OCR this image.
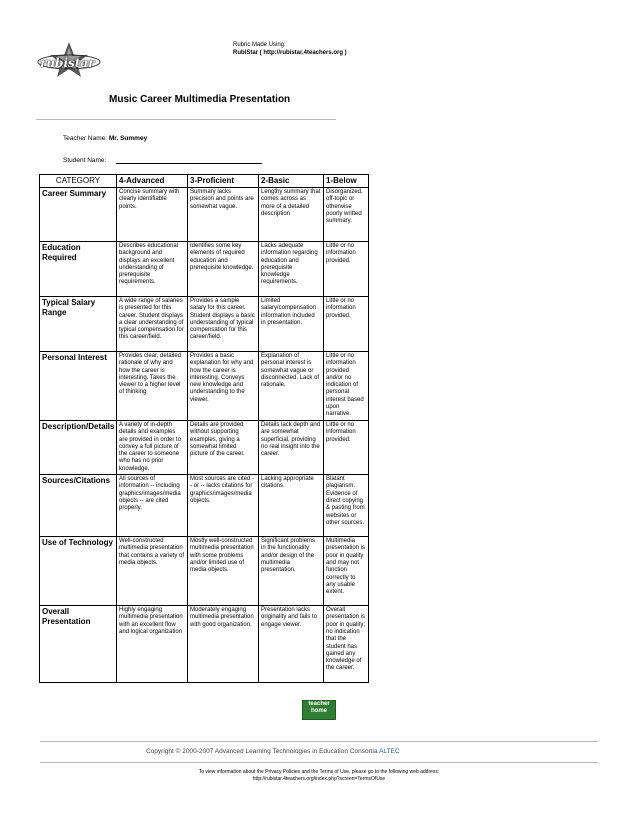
rubistar
Rubric Made Using:
RubiStar ( http://rubistar.4teachers.org )
Music Career Multimedia Presentation
Teacher Name: Mr. Summey
Student Name:
CATEGORY	4-Advanced	3-Proficient	2-Basic	1-Below
Career Summary	Concise summary with clearly identifiable points.	Summary lacks precision and points are somewhat vague.	Lengthy summary that comes across as more of a detailed description	Disorganized, off-topic or otherwise poorly writted summary.
Education Required	Describes educational background and displays an excellent understanding of prerequisite requirements.	Identifies some key elements of required education and prerequisite knowledge.	Lacks adequate information regarding education and prerequisite knowledge requirements.	Little or no information provided.
Typical Salary Range	A wide range of salaries is presented for this career. Student displays a clear understanding of typical compensation for this career/field.	Provides a sample salary for this career. Student displays a basic understanding of typical compensation for this career/field.	Limited salary/compensation information included in presentation.	Little or no information provided.
Personal Interest	Provides clear, detailed rationale of why and how the career is interesting. Takes the viewer to a higher level of thinking	Provides a basic explanation for why and how the career is interesting. Conveys new knowledge and understanding to the viewer.	Explanation of personal interest is somewhat vague or disconnected. Lack of rationale.	Little or no information provided and/or no indication of personal interest based upon narrative.
Description/Details	A variety of in-depth details and examples are provided in order to convey a full picture of the career to someone who has no prior knowledge.	Details are provided without supporting examples, giving a somewhat limited picture of the career.	Details lack depth and are somewhat superficial, providing no real insight into the career.	Little or no information provided.
Sources/Citations	All sources of information -- including graphics/images/media objects -- are cited properly.	Most sources are cited -- or -- lacks citations for graphics/images/media objects.	Lacking appropriate citations.	Blatant plagiarism. Evidence of direct copying & pasting from websites or other sources.
Use of Technology	Well-constructed multimedia presentation that contains a variety of media objects.	Mostly well-constructed multimedia presentation with some problems and/or limited use of media objects.	Significant problems in the functionality and/or design of the multimedia presentation.	Multimedia presentation is poor in quality and may not function correctly to any usable extent.
Overall Presentation	Highly engaging multimedia presentation with an excellent flow and logical organization	Moderately engaging multimedia presentation with good organization.	Presentation lacks originality and fails to engage viewer.	Overall presentation is poor in quality; no indication that the student has gained any knowledge of the career.
teacher
home
Copyright © 2000-2007 Advanced Learning Technologies in Education Consortia ALTEC
To view information about the Privacy Policies and the Terms of Use, please go to the following web address:
http://rubistar.4teachers.org/index.php?screen=TermsOfUse
